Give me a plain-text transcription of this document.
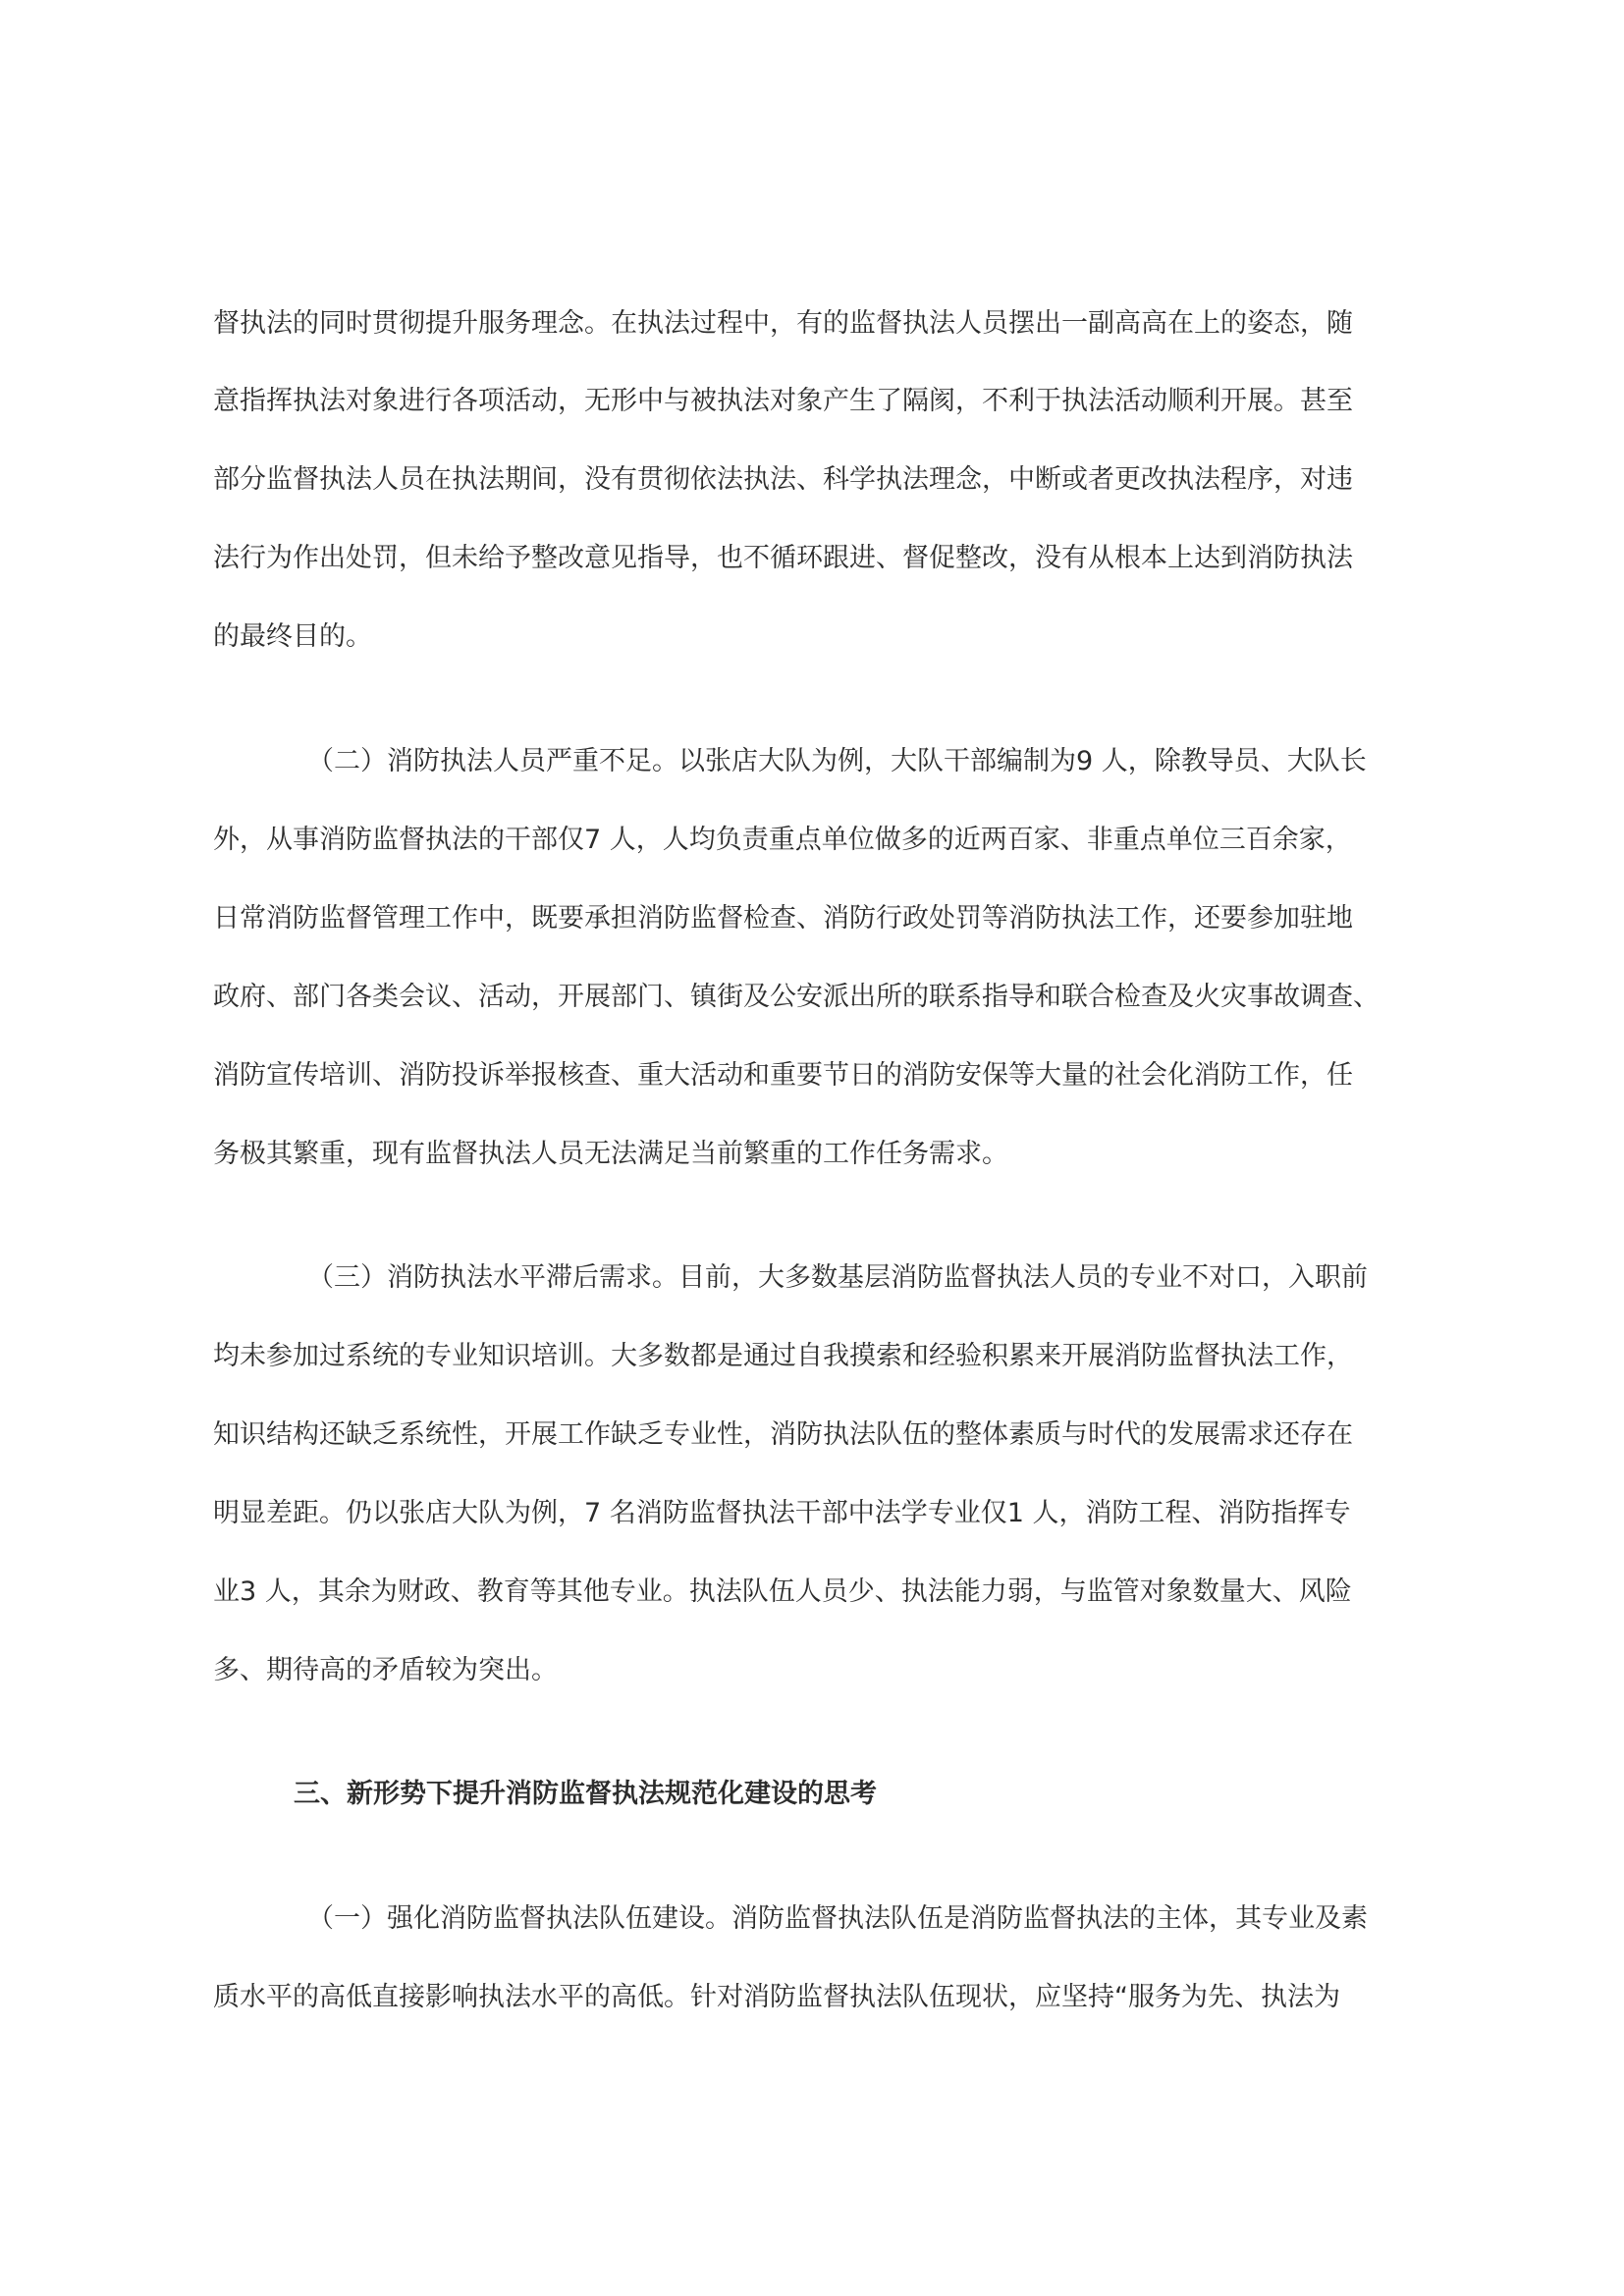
督执法的同时贯彻提升服务理念。在执法过程中，有的监督执法人员摆出一副高高在上的姿态，随

意指挥执法对象进行各项活动，无形中与被执法对象产生了隔阂，不利于执法活动顺利开展。甚至

部分监督执法人员在执法期间，没有贯彻依法执法、科学执法理念，中断或者更改执法程序，对违

法行为作出处罚，但未给予整改意见指导，也不循环跟进、督促整改，没有从根本上达到消防执法

的最终目的。

（二）消防执法人员严重不足。以张店大队为例，大队干部编制为9 人，除教导员、大队长

外，从事消防监督执法的干部仅7 人，人均负责重点单位做多的近两百家、非重点单位三百余家，

日常消防监督管理工作中，既要承担消防监督检查、消防行政处罚等消防执法工作，还要参加驻地

政府、部门各类会议、活动，开展部门、镇街及公安派出所的联系指导和联合检查及火灾事故调查、

消防宣传培训、消防投诉举报核查、重大活动和重要节日的消防安保等大量的社会化消防工作，任

务极其繁重，现有监督执法人员无法满足当前繁重的工作任务需求。

（三）消防执法水平滞后需求。目前，大多数基层消防监督执法人员的专业不对口，入职前

均未参加过系统的专业知识培训。大多数都是通过自我摸索和经验积累来开展消防监督执法工作，

知识结构还缺乏系统性，开展工作缺乏专业性，消防执法队伍的整体素质与时代的发展需求还存在

明显差距。仍以张店大队为例，7 名消防监督执法干部中法学专业仅1 人，消防工程、消防指挥专

业3 人，其余为财政、教育等其他专业。执法队伍人员少、执法能力弱，与监管对象数量大、风险

多、期待高的矛盾较为突出。

三、新形势下提升消防监督执法规范化建设的思考

（一）强化消防监督执法队伍建设。消防监督执法队伍是消防监督执法的主体，其专业及素

质水平的高低直接影响执法水平的高低。针对消防监督执法队伍现状，应坚持“服务为先、执法为
